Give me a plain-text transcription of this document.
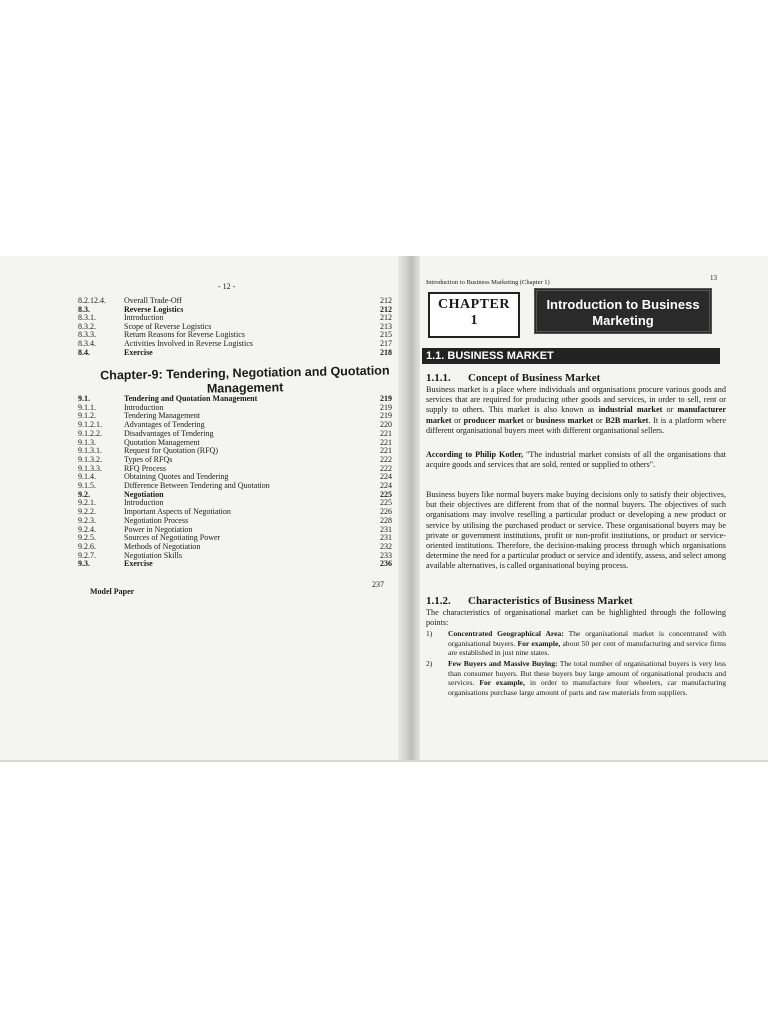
- 12 -
8.2.12.4.	Overall Trade-Off	212
8.3.	Reverse Logistics	212
8.3.1.	Introduction	212
8.3.2.	Scope of Reverse Logistics	213
8.3.3.	Return Reasons for Reverse Logistics	215
8.3.4.	Activities Involved in Reverse Logistics	217
8.4.	Exercise	218
Chapter-9: Tendering, Negotiation and Quotation Management
9.1.	Tendering and Quotation Management	219
9.1.1.	Introduction	219
9.1.2.	Tendering Management	219
9.1.2.1.	Advantages of Tendering	220
9.1.2.2.	Disadvantages of Tendering	221
9.1.3.	Quotation Management	221
9.1.3.1.	Request for Quotation (RFQ)	221
9.1.3.2.	Types of RFQs	222
9.1.3.3.	RFQ Process	222
9.1.4.	Obtaining Quotes and Tendering	224
9.1.5.	Difference Between Tendering and Quotation	224
9.2.	Negotiation	225
9.2.1.	Introduction	225
9.2.2.	Important Aspects of Negotiation	226
9.2.3.	Negotiation Process	228
9.2.4.	Power in Negotiation	231
9.2.5.	Sources of Negotiating Power	231
9.2.6.	Methods of Negotiation	232
9.2.7.	Negotiation Skills	233
9.3.	Exercise	236
Model Paper
237
Introduction to Business Marketing (Chapter 1)
13
CHAPTER
1
Introduction to Business Marketing
1.1. BUSINESS MARKET
1.1.1. Concept of Business Market
Business market is a place where individuals and organisations procure various goods and services that are required for producing other goods and services, in order to sell, rent or supply to others. This market is also known as industrial market or manufacturer market or producer market or business market or B2B market. It is a platform where different organisational buyers meet with different organisational sellers.
According to Philip Kotler, "The industrial market consists of all the organisations that acquire goods and services that are sold, rented or supplied to others".
Business buyers like normal buyers make buying decisions only to satisfy their objectives, but their objectives are different from that of the normal buyers. The objectives of such organisations may involve reselling a particular product or developing a new product or service by utilising the purchased product or service. These organisational buyers may be private or government institutions, profit or non-profit institutions, or product or service-oriented institutions. Therefore, the decision-making process through which organisations determine the need for a particular product or service and identify, assess, and select among available alternatives, is called organisational buying process.
1.1.2. Characteristics of Business Market
The characteristics of organisational market can be highlighted through the following points:
1) Concentrated Geographical Area: The organisational market is concentrated with organisational buyers. For example, about 50 per cent of manufacturing and service firms are established in just nine states.
2) Few Buyers and Massive Buying: The total number of organisational buyers is very less than consumer buyers. But these buyers buy large amount of organisational products and services. For example, in order to manufacture four wheelers, car manufacturing organisations purchase large amount of parts and raw materials from suppliers.
